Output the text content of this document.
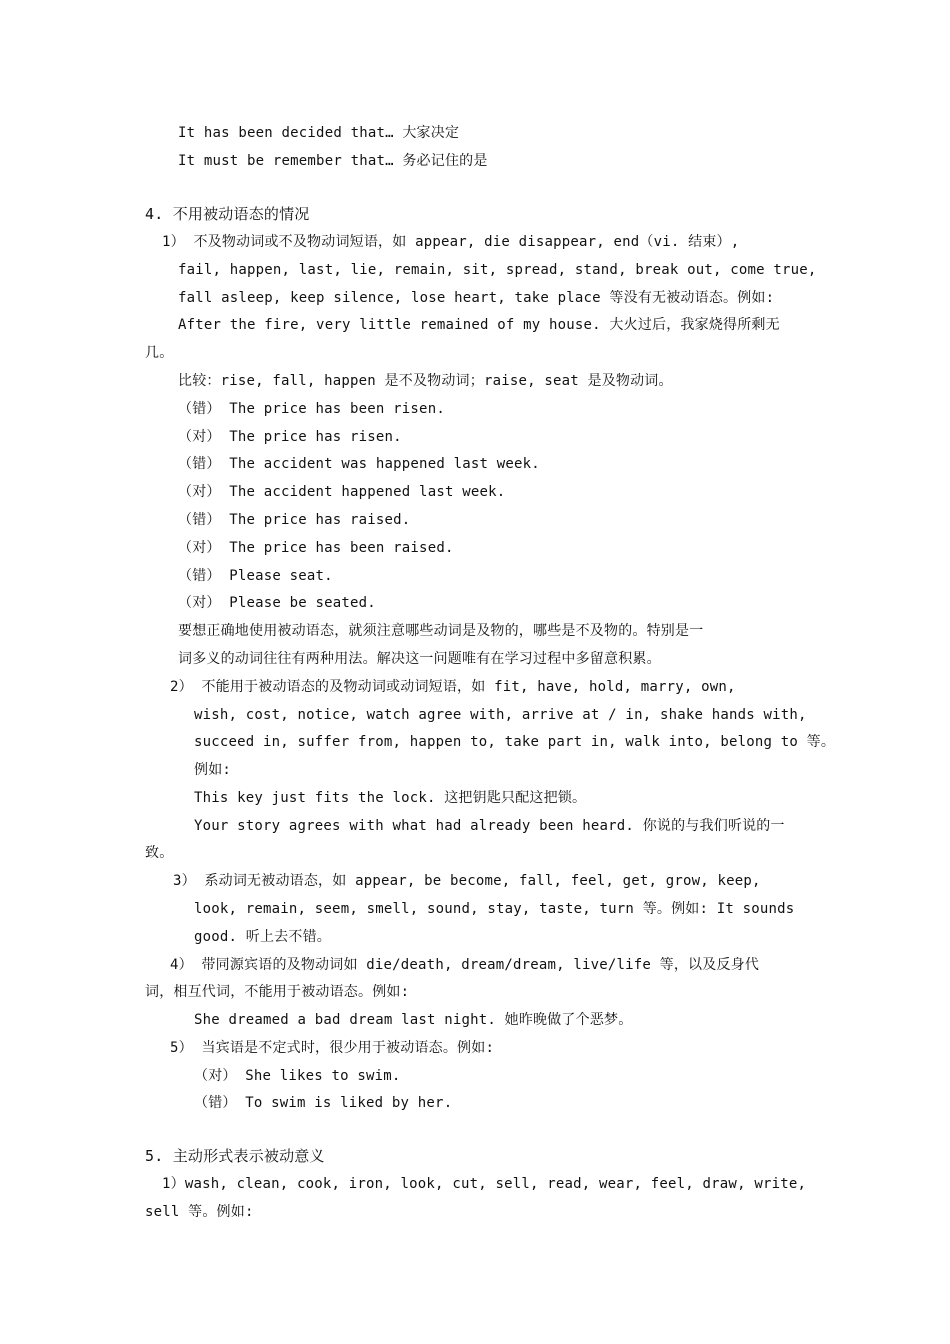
It has been decided that… 大家决定
It must be remember that… 务必记住的是
4. 不用被动语态的情况
1） 不及物动词或不及物动词短语，如 appear, die disappear, end（vi. 结束）,
fail, happen, last, lie, remain, sit, spread, stand, break out, come true,
fall asleep, keep silence, lose heart, take place 等没有无被动语态。例如:
After the fire, very little remained of my house. 大火过后，我家烧得所剩无
几。
比较：rise, fall, happen 是不及物动词；raise, seat 是及物动词。
（错） The price has been risen.
（对） The price has risen.
（错） The accident was happened last week.
（对） The accident happened last week.
（错） The price has raised.
（对） The price has been raised.
（错） Please seat.
（对） Please be seated.
要想正确地使用被动语态，就须注意哪些动词是及物的，哪些是不及物的。特别是一
词多义的动词往往有两种用法。解决这一问题唯有在学习过程中多留意积累。
2） 不能用于被动语态的及物动词或动词短语，如 fit, have, hold, marry, own,
wish, cost, notice, watch agree with, arrive at / in, shake hands with,
succeed in, suffer from, happen to, take part in, walk into, belong to 等。
例如:
This key just fits the lock. 这把钥匙只配这把锁。
Your story agrees with what had already been heard. 你说的与我们听说的一
致。
3） 系动词无被动语态，如 appear, be become, fall, feel, get, grow, keep,
look, remain, seem, smell, sound, stay, taste, turn 等。例如: It sounds
good. 听上去不错。
4） 带同源宾语的及物动词如 die/death, dream/dream, live/life 等，以及反身代
词，相互代词，不能用于被动语态。例如:
She dreamed a bad dream last night. 她昨晚做了个恶梦。
5） 当宾语是不定式时，很少用于被动语态。例如:
（对） She likes to swim.
（错） To swim is liked by her.
5. 主动形式表示被动意义
1）wash, clean, cook, iron, look, cut, sell, read, wear, feel, draw, write,
sell 等。例如:
